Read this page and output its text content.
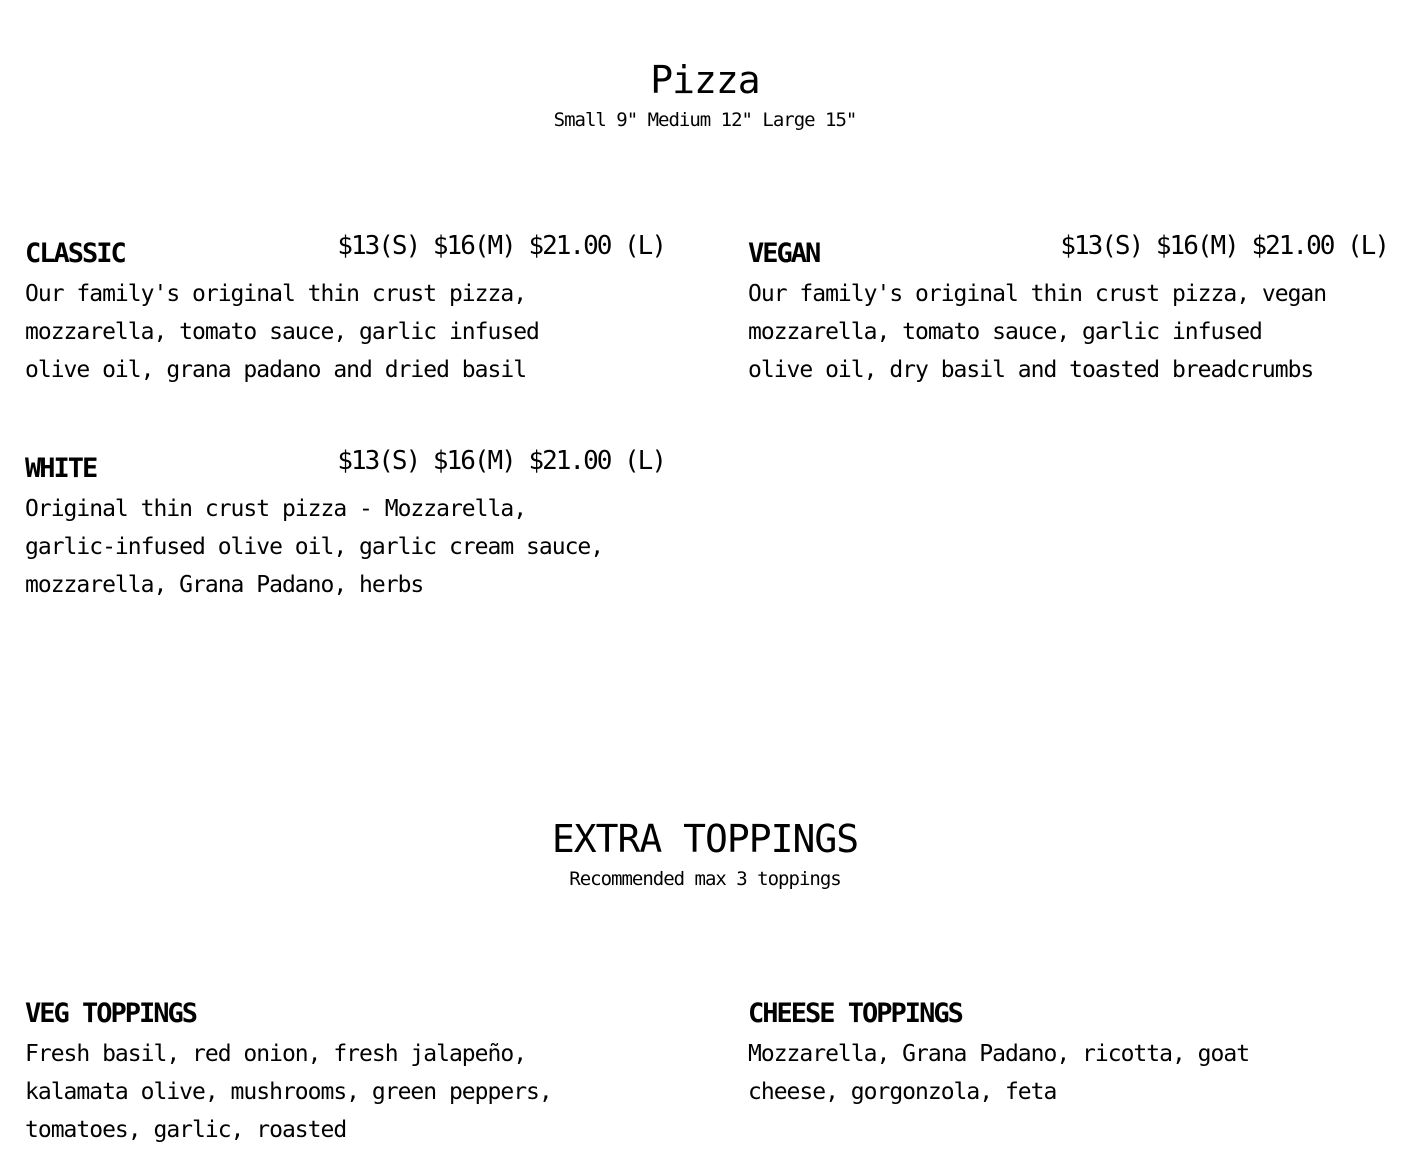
Pizza
Small 9" Medium 12" Large 15"
CLASSIC	$13(S) $16(M) $21.00 (L)
Our family's original thin crust pizza, mozzarella, tomato sauce, garlic infused olive oil, grana padano and dried basil
VEGAN	$13(S) $16(M) $21.00 (L)
Our family's original thin crust pizza, vegan mozzarella, tomato sauce, garlic infused olive oil, dry basil and toasted breadcrumbs
WHITE	$13(S) $16(M) $21.00 (L)
Original thin crust pizza - Mozzarella, garlic-infused olive oil, garlic cream sauce, mozzarella, Grana Padano, herbs
EXTRA TOPPINGS
Recommended max 3 toppings
VEG TOPPINGS
Fresh basil, red onion, fresh jalapeño, kalamata olive, mushrooms, green peppers, tomatoes, garlic, roasted
CHEESE TOPPINGS
Mozzarella, Grana Padano, ricotta, goat cheese, gorgonzola, feta
